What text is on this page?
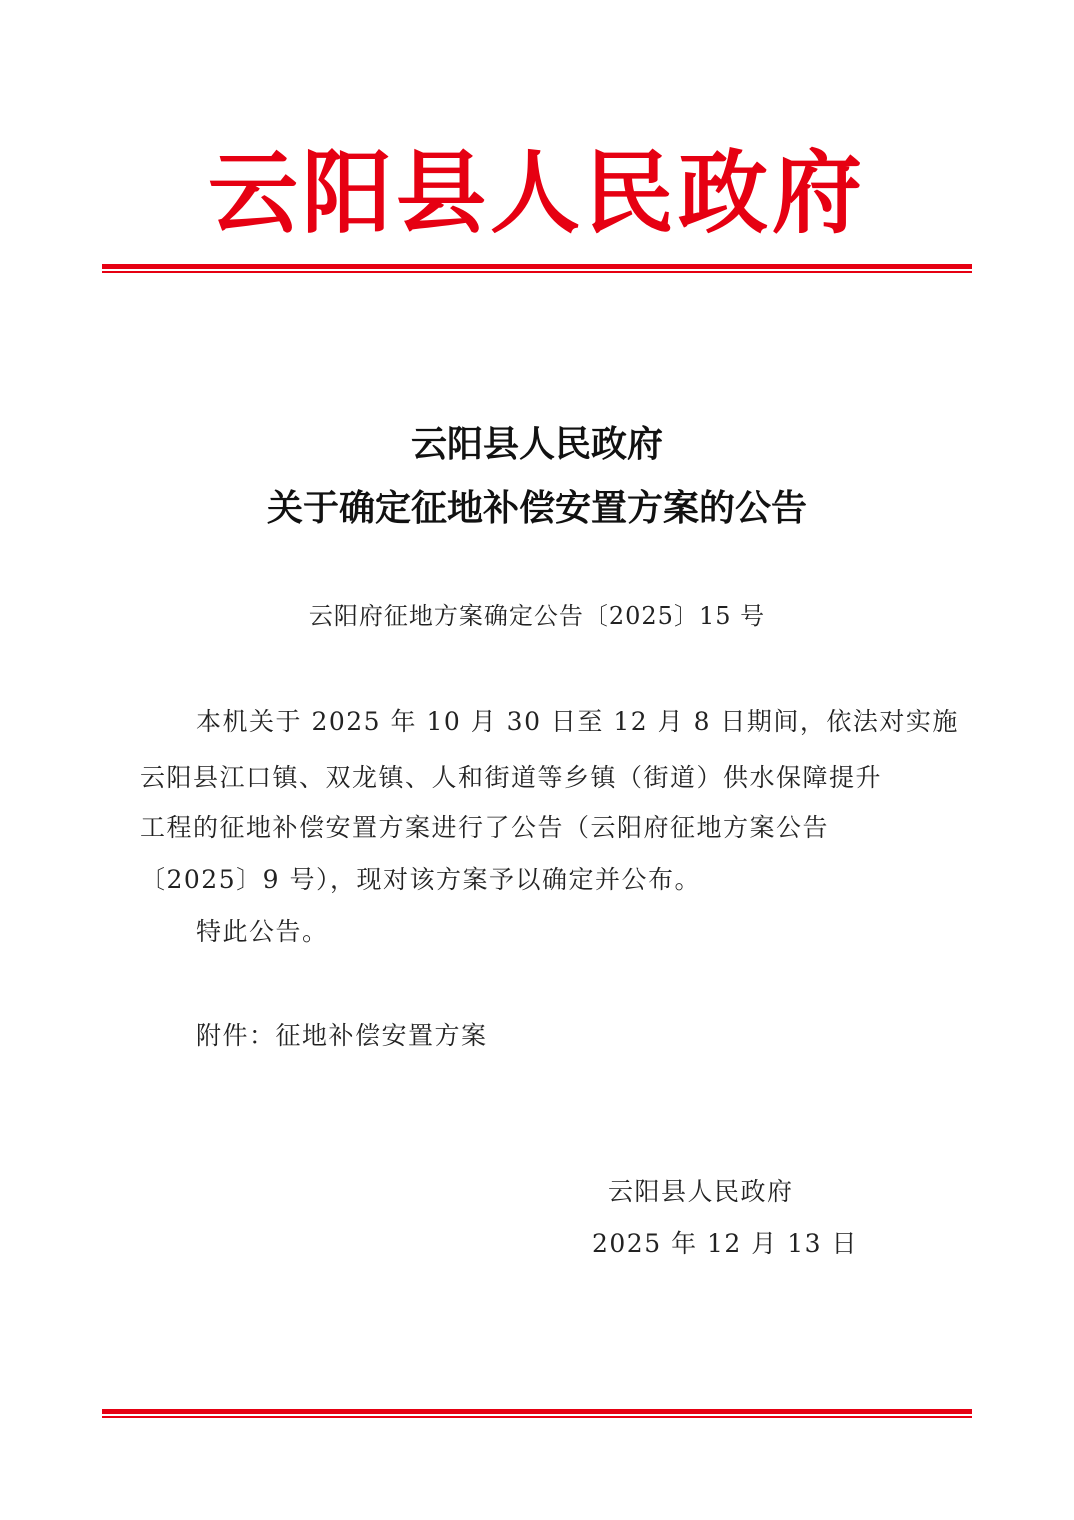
云阳县人民政府
云阳县人民政府
关于确定征地补偿安置方案的公告
云阳府征地方案确定公告〔2025〕15 号
本机关于 2025 年 10 月 30 日至 12 月 8 日期间，依法对实施
云阳县江口镇、双龙镇、人和街道等乡镇（街道）供水保障提升
工程的征地补偿安置方案进行了公告（云阳府征地方案公告
〔2025〕9 号），现对该方案予以确定并公布。
特此公告。
附件：征地补偿安置方案
云阳县人民政府
2025 年 12 月 13 日
